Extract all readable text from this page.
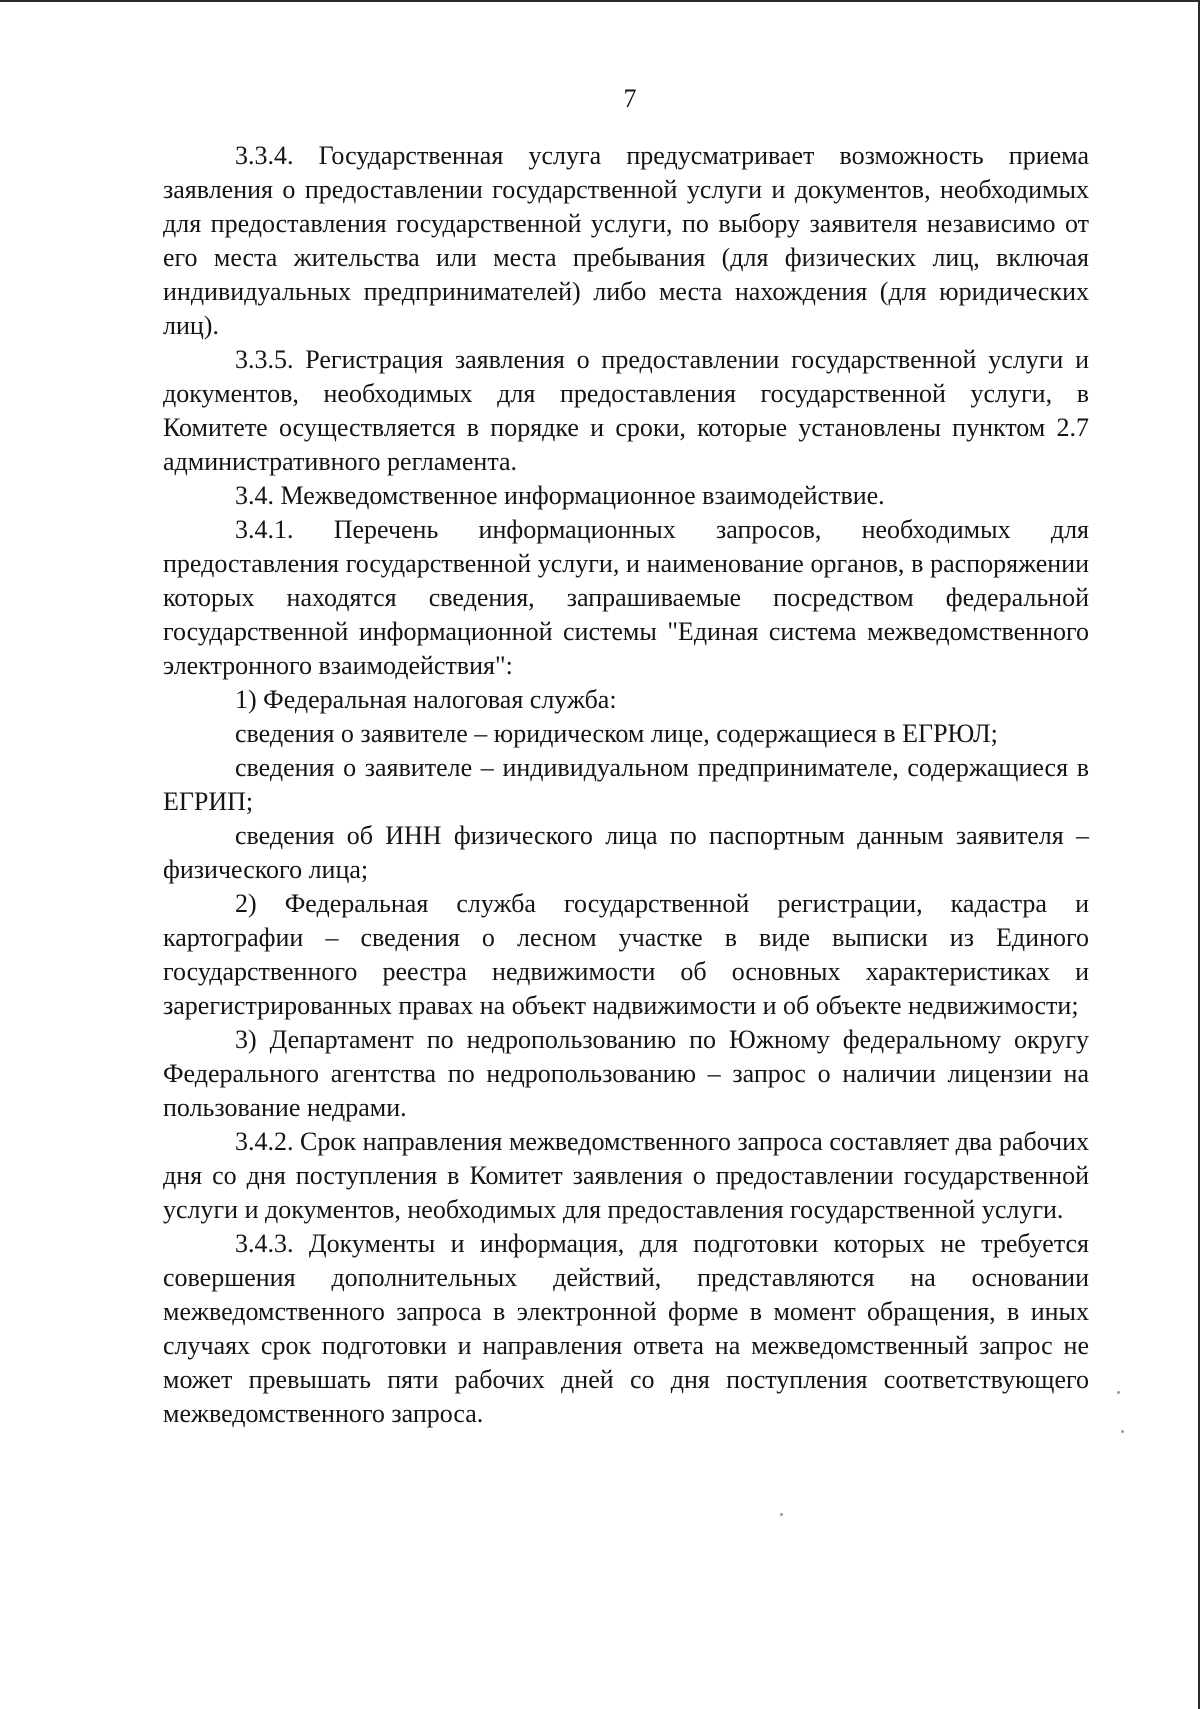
7

3.3.4. Государственная услуга предусматривает возможность приема заявления о предоставлении государственной услуги и документов, необходимых для предоставления государственной услуги, по выбору заявителя независимо от его места жительства или места пребывания (для физических лиц, включая индивидуальных предпринимателей) либо места нахождения (для юридических лиц).

3.3.5. Регистрация заявления о предоставлении государственной услуги и документов, необходимых для предоставления государственной услуги, в Комитете осуществляется в порядке и сроки, которые установлены пунктом 2.7 административного регламента.

3.4. Межведомственное информационное взаимодействие.

3.4.1. Перечень информационных запросов, необходимых для предоставления государственной услуги, и наименование органов, в распоряжении которых находятся сведения, запрашиваемые посредством федеральной государственной информационной системы "Единая система межведомственного электронного взаимодействия":

1) Федеральная налоговая служба:

сведения о заявителе – юридическом лице, содержащиеся в ЕГРЮЛ;

сведения о заявителе – индивидуальном предпринимателе, содержащиеся в ЕГРИП;

сведения об ИНН физического лица по паспортным данным заявителя – физического лица;

2) Федеральная служба государственной регистрации, кадастра и картографии – сведения о лесном участке в виде выписки из Единого государственного реестра недвижимости об основных характеристиках и зарегистрированных правах на объект надвижимости и об объекте недвижимости;

3) Департамент по недропользованию по Южному федеральному округу Федерального агентства по недропользованию – запрос о наличии лицензии на пользование недрами.

3.4.2. Срок направления межведомственного запроса составляет два рабочих дня со дня поступления в Комитет заявления о предоставлении государственной услуги и документов, необходимых для предоставления государственной услуги.

3.4.3. Документы и информация, для подготовки которых не требуется совершения дополнительных действий, представляются на основании межведомственного запроса в электронной форме в момент обращения, в иных случаях срок подготовки и направления ответа на межведомственный запрос не может превышать пяти рабочих дней со дня поступления соответствующего межведомственного запроса.
